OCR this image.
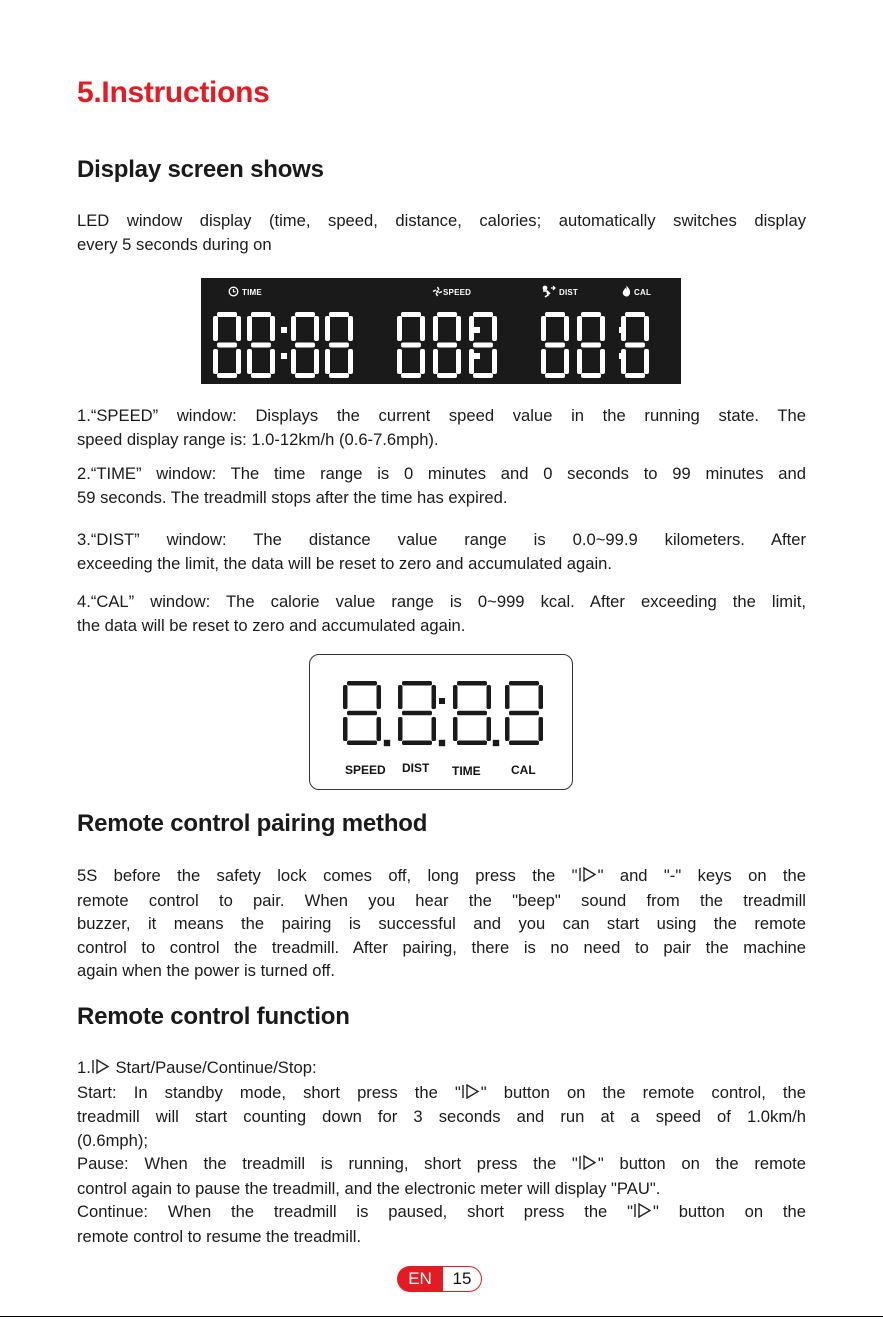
5.Instructions
Display screen shows
LED window display (time, speed, distance, calories; automatically switches display
every 5 seconds during on
TIME	SPEED	DIST	CAL
1.“SPEED” window: Displays the current speed value in the running state. The
speed display range is: 1.0-12km/h (0.6-7.6mph).
2.“TIME” window: The time range is 0 minutes and 0 seconds to 99 minutes and
59 seconds. The treadmill stops after the time has expired.
3.“DIST” window: The distance value range is 0.0~99.9 kilometers. After
exceeding the limit, the data will be reset to zero and accumulated again.
4.“CAL” window: The calorie value range is 0~999 kcal. After exceeding the limit,
the data will be reset to zero and accumulated again.
SPEED DIST TIME	CAL
Remote control pairing method
5S before the safety lock comes off, long press the " " and "-" keys on the
remote control to pair. When you hear the "beep" sound from the treadmill
buzzer, it means the pairing is successful and you can start using the remote
control to control the treadmill. After pairing, there is no need to pair the machine
again when the power is turned off.
Remote control function
1. Start/Pause/Continue/Stop:
Start: In standby mode, short press the " " button on the remote control, the
treadmill will start counting down for 3 seconds and run at a speed of 1.0km/h
(0.6mph);
Pause: When the treadmill is running, short press the " " button on the remote
control again to pause the treadmill, and the electronic meter will display "PAU".
Continue: When the treadmill is paused, short press the " " button on the
remote control to resume the treadmill.
EN	15
